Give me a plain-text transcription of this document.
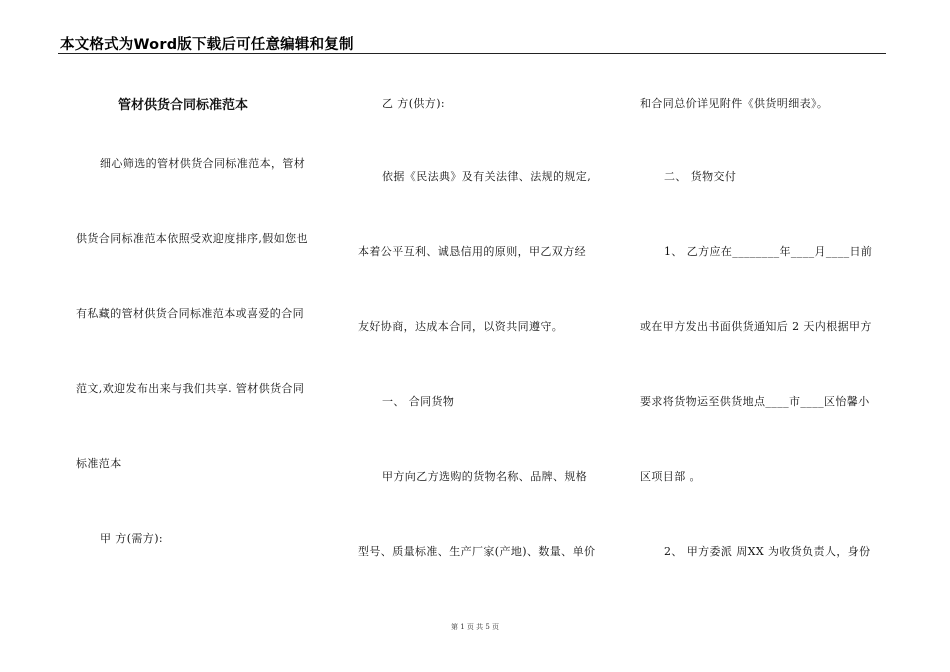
本文格式为Word版下载后可任意编辑和复制
管材供货合同标准范本
细心筛选的管材供货合同标准范本，管材
供货合同标准范本依照受欢迎度排序,假如您也
有私藏的管材供货合同标准范本或喜爱的合同
范文,欢迎发布出来与我们共享. 管材供货合同
标准范本
甲 方(需方):
乙 方(供方):
依据《民法典》及有关法律、法规的规定,
本着公平互利、诚恳信用的原则，甲乙双方经
友好协商，达成本合同，以资共同遵守。
一、 合同货物
甲方向乙方选购的货物名称、品牌、规格
型号、质量标准、生产厂家(产地)、数量、单价
和合同总价详见附件《供货明细表》。
二、 货物交付
1、 乙方应在________年____月____日前
或在甲方发出书面供货通知后 2 天内根据甲方
要求将货物运至供货地点____市____区怡馨小
区项目部 。
2、 甲方委派 周XX 为收货负责人，身份
第 1 页 共 5 页
